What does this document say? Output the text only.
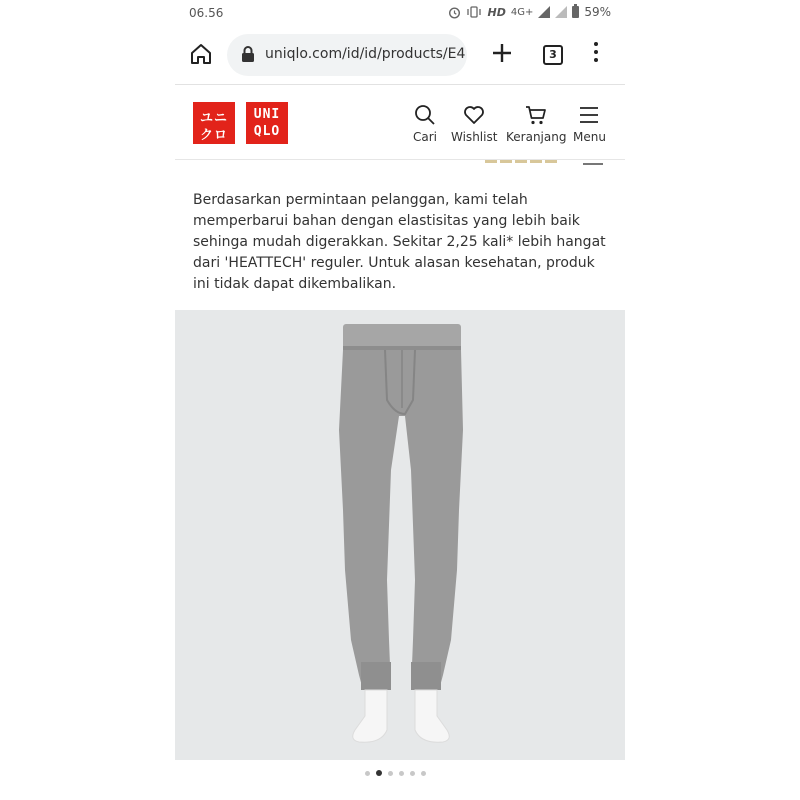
06.56	HD 4G+	59%
uniqlo.com/id/id/products/E4	3
ユニ
クロ
UNI
QLO	Cari Wishlist Keranjang Menu
Berdasarkan permintaan pelanggan, kami telah memperbarui bahan dengan elastisitas yang lebih baik sehinga mudah digerakkan. Sekitar 2,25 kali* lebih hangat dari 'HEATTECH' reguler. Untuk alasan kesehatan, produk ini tidak dapat dikembalikan.
